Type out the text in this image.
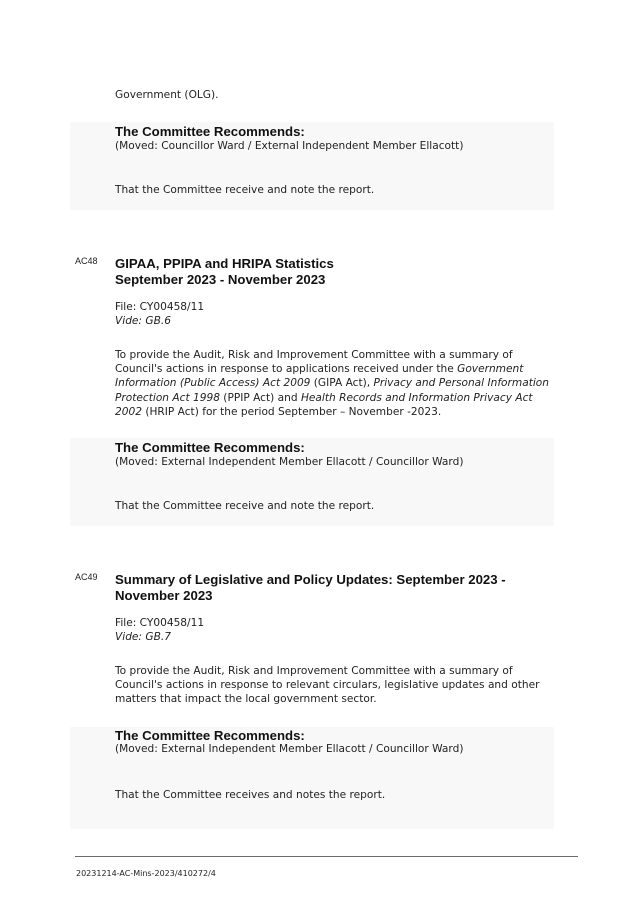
Government (OLG).
The Committee Recommends:
(Moved: Councillor Ward / External Independent Member Ellacott)
That the Committee receive and note the report.
AC48 GIPAA, PPIPA and HRIPA Statistics
September 2023 - November 2023
File: CY00458/11
Vide: GB.6
To provide the Audit, Risk and Improvement Committee with a summary of Council's actions in response to applications received under the Government Information (Public Access) Act 2009 (GIPA Act), Privacy and Personal Information Protection Act 1998 (PPIP Act) and Health Records and Information Privacy Act 2002 (HRIP Act) for the period September – November -2023.
The Committee Recommends:
(Moved: External Independent Member Ellacott / Councillor Ward)
That the Committee receive and note the report.
AC49 Summary of Legislative and Policy Updates: September 2023 -
November 2023
File: CY00458/11
Vide: GB.7
To provide the Audit, Risk and Improvement Committee with a summary of
Council's actions in response to relevant circulars, legislative updates and other
matters that impact the local government sector.
The Committee Recommends:
(Moved: External Independent Member Ellacott / Councillor Ward)
That the Committee receives and notes the report.
20231214-AC-Mins-2023/410272/4
